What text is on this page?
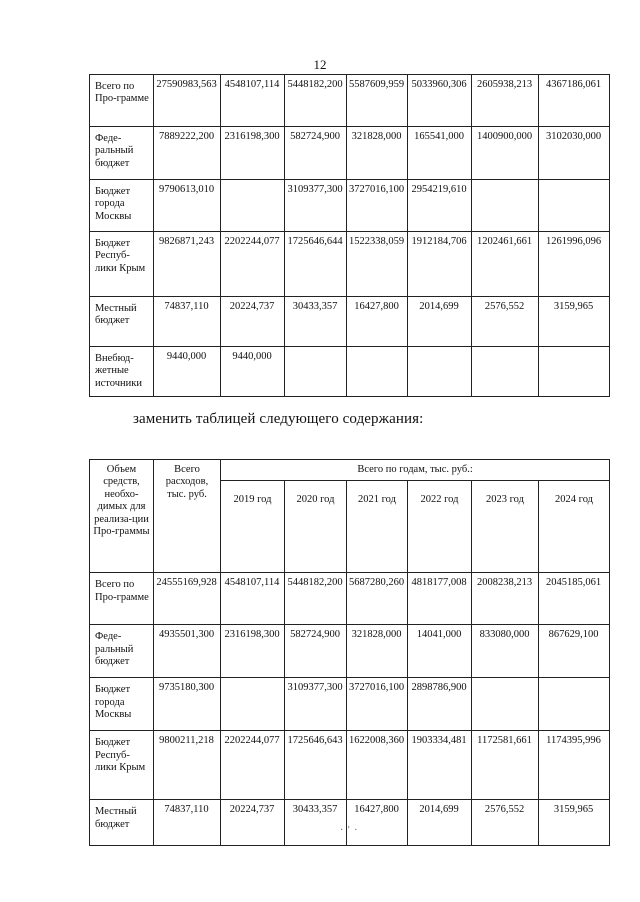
12
Всего по Про-грамме	27590983,563	4548107,114	5448182,200	5587609,959	5033960,306	2605938,213	4367186,061
Феде-ральный бюджет	7889222,200	2316198,300	582724,900	321828,000	165541,000	1400900,000	3102030,000
Бюджет города Москвы	9790613,010		3109377,300	3727016,100	2954219,610		
Бюджет Респуб-лики Крым	9826871,243	2202244,077	1725646,644	1522338,059	1912184,706	1202461,661	1261996,096
Местный бюджет	74837,110	20224,737	30433,357	16427,800	2014,699	2576,552	3159,965
Внебюд-жетные источники	9440,000	9440,000					
заменить таблицей следующего содержания:
Объем средств, необхо-димых для реализа-ции Про-граммы	Всего расходов, тыс. руб.	Всего по годам, тыс. руб.:					
		2019 год	2020 год	2021 год	2022 год	2023 год	2024 год
Всего по Про-грамме	24555169,928	4548107,114	5448182,200	5687280,260	4818177,008	2008238,213	2045185,061
Феде-ральный бюджет	4935501,300	2316198,300	582724,900	321828,000	14041,000	833080,000	867629,100
Бюджет города Москвы	9735180,300		3109377,300	3727016,100	2898786,900		
Бюджет Респуб-лики Крым	9800211,218	2202244,077	1725646,643	1622008,360	1903334,481	1172581,661	1174395,996
Местный бюджет	74837,110	20224,737	30433,357	16427,800	2014,699	2576,552	3159,965
· ' ·
